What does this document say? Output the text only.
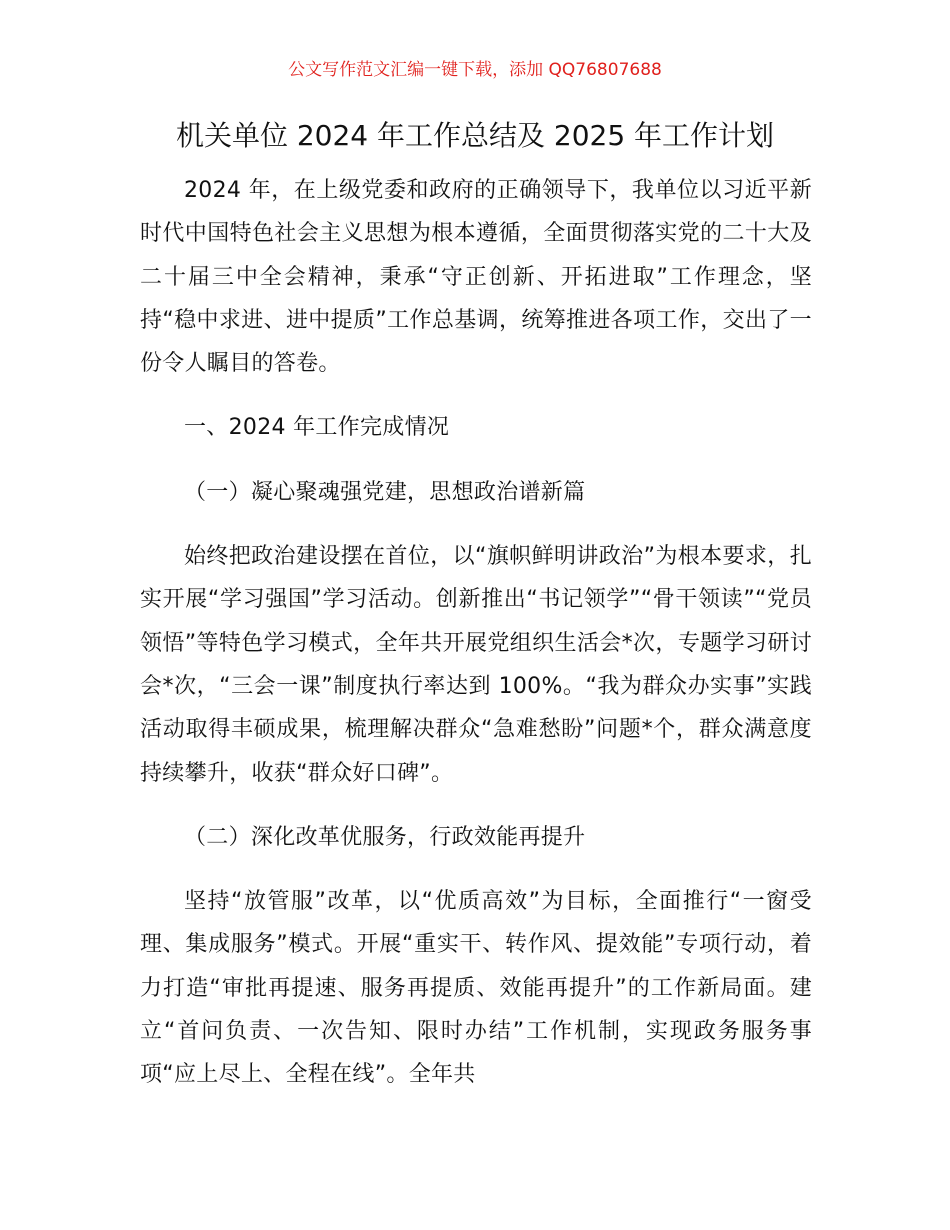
公文写作范文汇编一键下载，添加 QQ76807688
机关单位 2024 年工作总结及 2025 年工作计划

2024 年，在上级党委和政府的正确领导下，我单位以习近平新时代中国特色社会主义思想为根本遵循，全面贯彻落实党的二十大及二十届三中全会精神，秉承“守正创新、开拓进取”工作理念，坚持“稳中求进、进中提质”工作总基调，统筹推进各项工作，交出了一份令人瞩目的答卷。

一、2024 年工作完成情况

（一）凝心聚魂强党建，思想政治谱新篇

始终把政治建设摆在首位，以“旗帜鲜明讲政治”为根本要求，扎实开展“学习强国”学习活动。创新推出“书记领学”“骨干领读”“党员领悟”等特色学习模式，全年共开展党组织生活会*次，专题学习研讨会*次，“三会一课”制度执行率达到 100%。“我为群众办实事”实践活动取得丰硕成果，梳理解决群众“急难愁盼”问题*个，群众满意度持续攀升，收获“群众好口碑”。

（二）深化改革优服务，行政效能再提升

坚持“放管服”改革，以“优质高效”为目标，全面推行“一窗受理、集成服务”模式。开展“重实干、转作风、提效能”专项行动，着力打造“审批再提速、服务再提质、效能再提升”的工作新局面。建立“首问负责、一次告知、限时办结”工作机制，实现政务服务事项“应上尽上、全程在线”。全年共
